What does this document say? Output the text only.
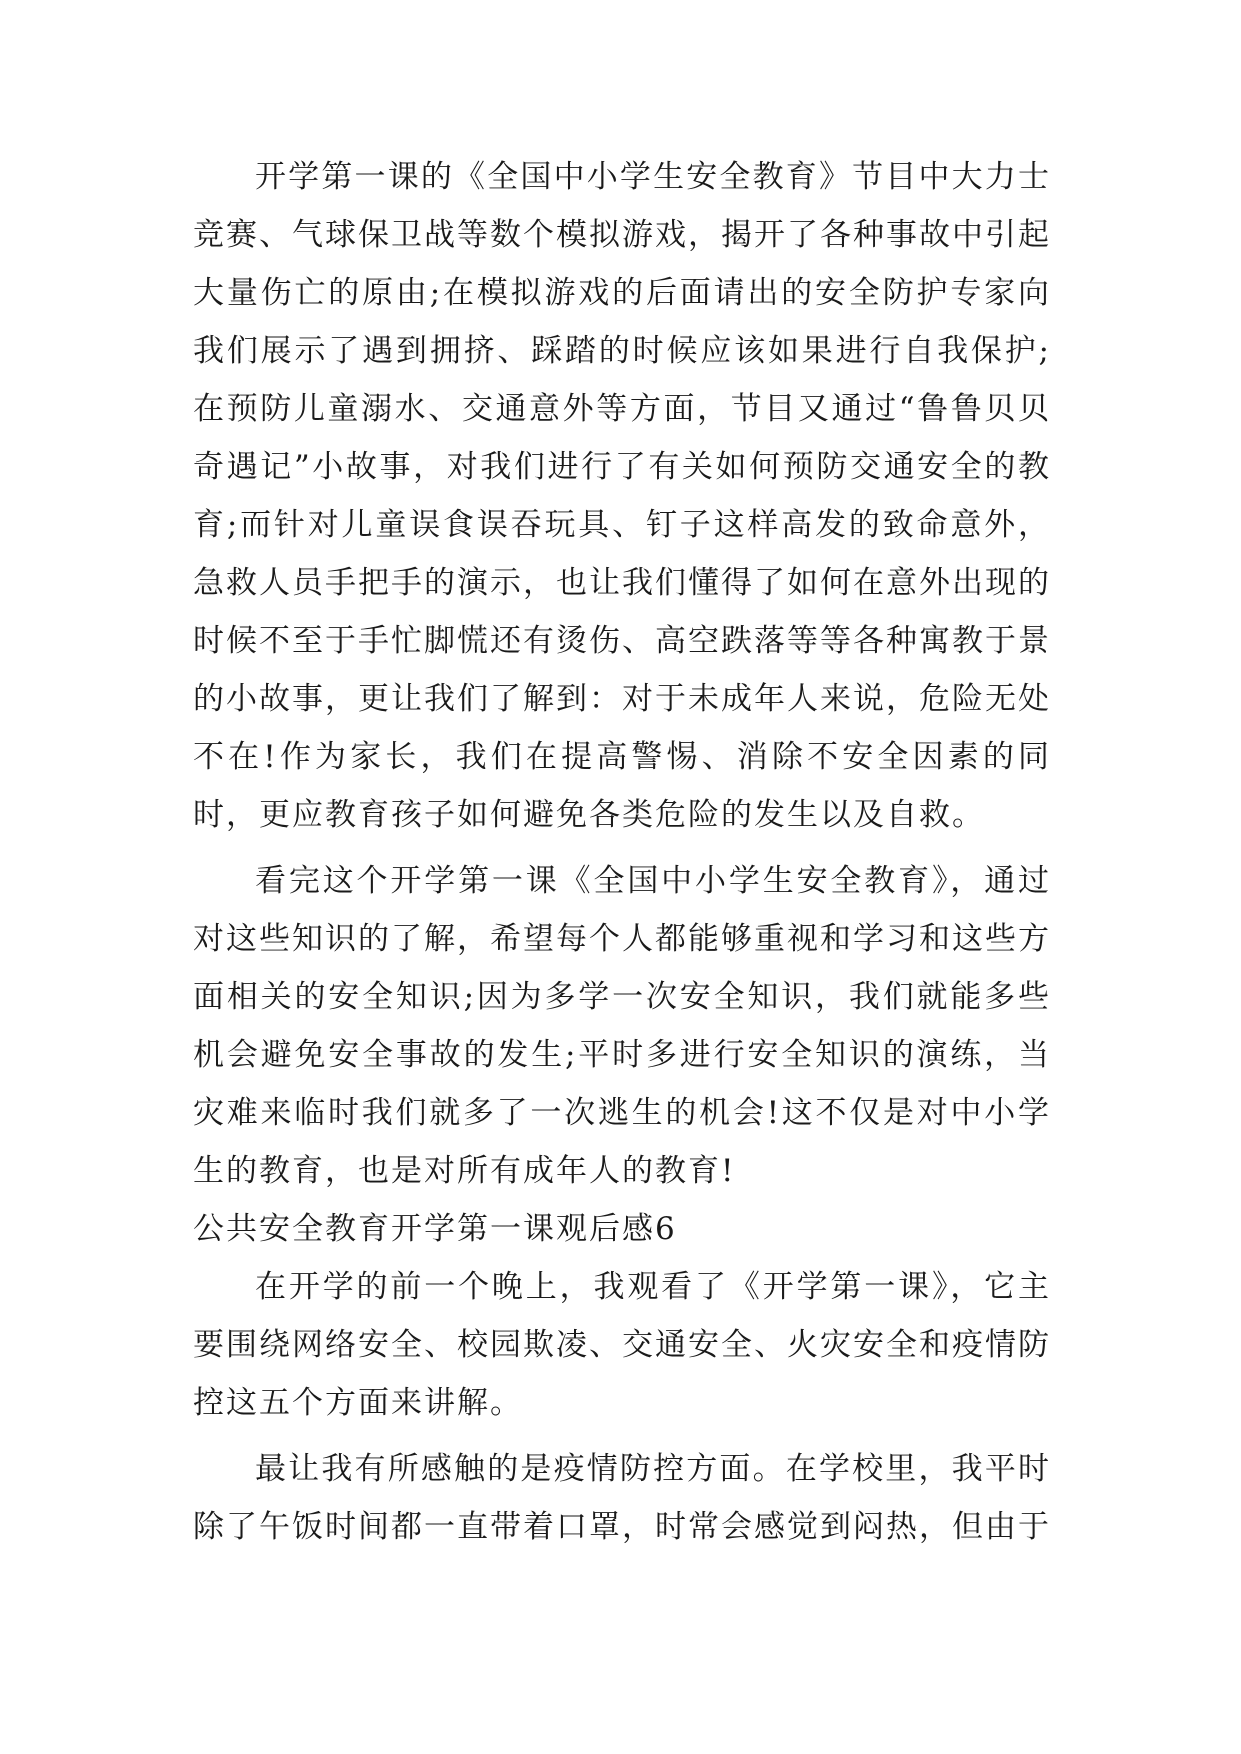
开学第一课的《全国中小学生安全教育》节目中大力士竞赛、气球保卫战等数个模拟游戏，揭开了各种事故中引起大量伤亡的原由;在模拟游戏的后面请出的安全防护专家向我们展示了遇到拥挤、踩踏的时候应该如果进行自我保护;在预防儿童溺水、交通意外等方面，节目又通过“鲁鲁贝贝奇遇记”小故事，对我们进行了有关如何预防交通安全的教育;而针对儿童误食误吞玩具、钉子这样高发的致命意外，急救人员手把手的演示，也让我们懂得了如何在意外出现的时候不至于手忙脚慌还有烫伤、高空跌落等等各种寓教于景的小故事，更让我们了解到：对于未成年人来说，危险无处不在!作为家长，我们在提高警惕、消除不安全因素的同时，更应教育孩子如何避免各类危险的发生以及自救。

看完这个开学第一课《全国中小学生安全教育》，通过对这些知识的了解，希望每个人都能够重视和学习和这些方面相关的安全知识;因为多学一次安全知识，我们就能多些机会避免安全事故的发生;平时多进行安全知识的演练，当灾难来临时我们就多了一次逃生的机会!这不仅是对中小学生的教育，也是对所有成年人的教育!

公共安全教育开学第一课观后感6

在开学的前一个晚上，我观看了《开学第一课》，它主要围绕网络安全、校园欺凌、交通安全、火灾安全和疫情防控这五个方面来讲解。

最让我有所感触的是疫情防控方面。在学校里，我平时除了午饭时间都一直带着口罩，时常会感觉到闷热，但由于
